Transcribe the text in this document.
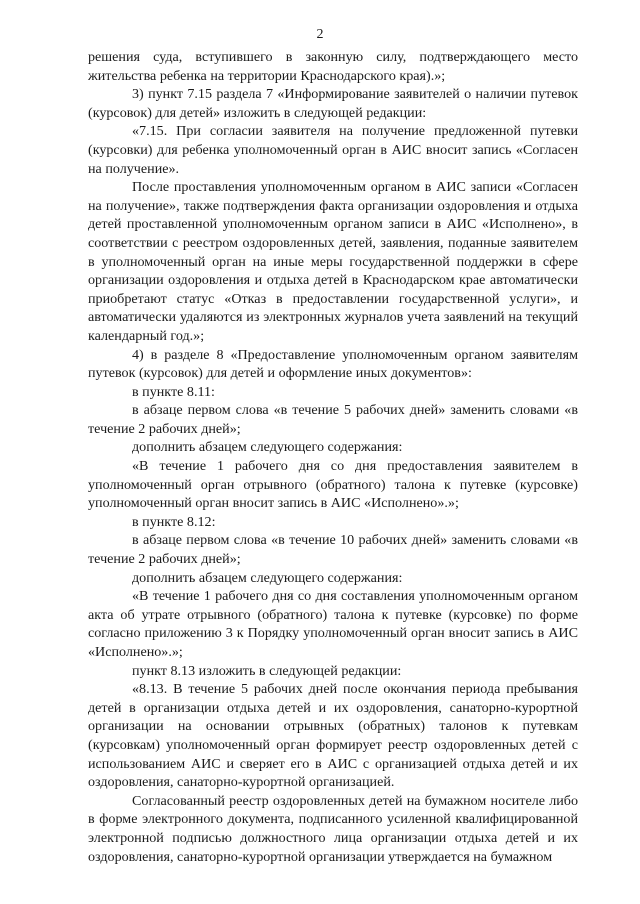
2

решения суда, вступившего в законную силу, подтверждающего место жительства ребенка на территории Краснодарского края).»;

3) пункт 7.15 раздела 7 «Информирование заявителей о наличии путевок (курсовок) для детей» изложить в следующей редакции:

«7.15. При согласии заявителя на получение предложенной путевки (курсовки) для ребенка уполномоченный орган в АИС вносит запись «Согласен на получение».

После проставления уполномоченным органом в АИС записи «Согласен на получение», также подтверждения факта организации оздоровления и отдыха детей проставленной уполномоченным органом записи в АИС «Исполнено», в соответствии с реестром оздоровленных детей, заявления, поданные заявителем в уполномоченный орган на иные меры государственной поддержки в сфере организации оздоровления и отдыха детей в Краснодарском крае автоматически приобретают статус «Отказ в предоставлении государственной услуги», и автоматически удаляются из электронных журналов учета заявлений на текущий календарный год.»;

4) в разделе 8 «Предоставление уполномоченным органом заявителям путевок (курсовок) для детей и оформление иных документов»:

в пункте 8.11:

в абзаце первом слова «в течение 5 рабочих дней» заменить словами «в течение 2 рабочих дней»;

дополнить абзацем следующего содержания:

«В течение 1 рабочего дня со дня предоставления заявителем в уполномоченный орган отрывного (обратного) талона к путевке (курсовке) уполномоченный орган вносит запись в АИС «Исполнено».»;

в пункте 8.12:

в абзаце первом слова «в течение 10 рабочих дней» заменить словами «в течение 2 рабочих дней»;

дополнить абзацем следующего содержания:

«В течение 1 рабочего дня со дня составления уполномоченным органом акта об утрате отрывного (обратного) талона к путевке (курсовке) по форме согласно приложению 3 к Порядку уполномоченный орган вносит запись в АИС «Исполнено».»;

пункт 8.13 изложить в следующей редакции:

«8.13. В течение 5 рабочих дней после окончания периода пребывания детей в организации отдыха детей и их оздоровления, санаторно-курортной организации на основании отрывных (обратных) талонов к путевкам (курсовкам) уполномоченный орган формирует реестр оздоровленных детей с использованием АИС и сверяет его в АИС с организацией отдыха детей и их оздоровления, санаторно-курортной организацией.

Согласованный реестр оздоровленных детей на бумажном носителе либо в форме электронного документа, подписанного усиленной квалифицированной электронной подписью должностного лица организации отдыха детей и их оздоровления, санаторно-курортной организации утверждается на бумажном
